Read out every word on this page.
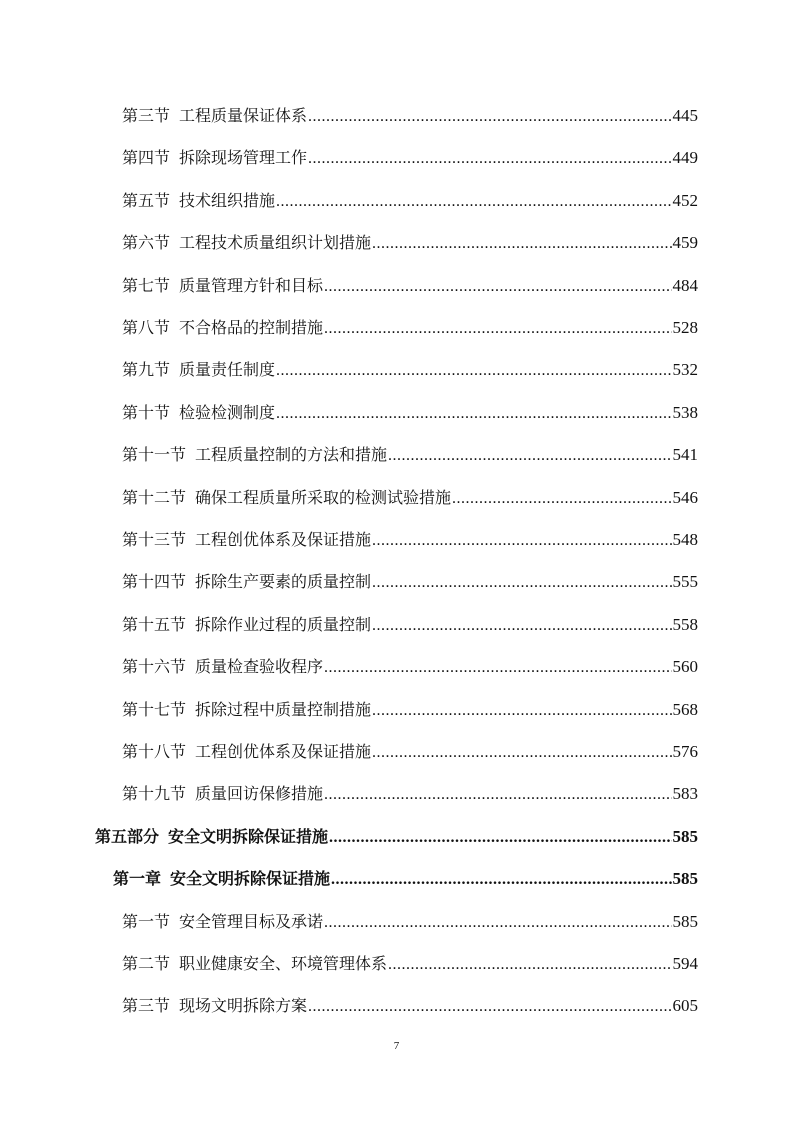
第三节 工程质量保证体系 .....	445
第四节 拆除现场管理工作 .....	449
第五节 技术组织措施 .....	452
第六节 工程技术质量组织计划措施 .....	459
第七节 质量管理方针和目标 .....	484
第八节 不合格品的控制措施 .....	528
第九节 质量责任制度 .....	532
第十节 检验检测制度 .....	538
第十一节 工程质量控制的方法和措施 .....	541
第十二节 确保工程质量所采取的检测试验措施 .....	546
第十三节 工程创优体系及保证措施 .....	548
第十四节 拆除生产要素的质量控制 .....	555
第十五节 拆除作业过程的质量控制 .....	558
第十六节 质量检查验收程序 .....	560
第十七节 拆除过程中质量控制措施 .....	568
第十八节 工程创优体系及保证措施 .....	576
第十九节 质量回访保修措施 .....	583
第五部分 安全文明拆除保证措施 .....	585
第一章 安全文明拆除保证措施 .....	585
第一节 安全管理目标及承诺 .....	585
第二节 职业健康安全、环境管理体系 .....	594
第三节 现场文明拆除方案 .....	605
7
